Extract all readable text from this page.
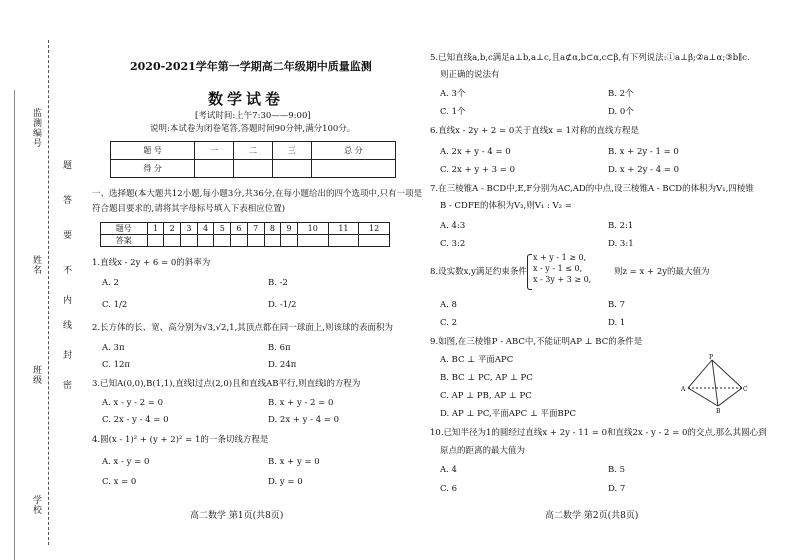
学校
班级
姓名
监测编号
题
答
要
不
内
线
封
密
2020-2021学年第一学期高二年级期中质量监测
数学试卷
[考试时间:上午7:30——9:00]
说明:本试卷为闭卷笔答,答题时间90分钟,满分100分。
题 号	一	二	三	总 分
得 分				
一、选择题(本大题共12小题,每小题3分,共36分,在每小题给出的四个选项中,只有一项是
符合题目要求的,请将其字母标号填入下表相应位置)
题号	1	2	3	4	5	6	7	8	9	10	11	12
答案												
1.直线x - 2y + 6 = 0的斜率为
A. 2	B. -2
C. 1/2	D. -1/2
2.长方体的长、宽、高分别为√3,√2,1,其顶点都在同一球面上,则该球的表面积为
A. 3π	B. 6π
C. 12π	D. 24π
3.已知A(0,0),B(1,1),直线l过点(2,0)且和直线AB平行,则直线l的方程为
A. x - y - 2 = 0	B. x + y - 2 = 0
C. 2x - y - 4 = 0	D. 2x + y - 4 = 0
4.圆(x - 1)² + (y + 2)² = 1的一条切线方程是
A. x - y = 0	B. x + y = 0
C. x = 0	D. y = 0
高二数学 第1页(共8页)
5.已知直线a,b,c满足a⊥b,a⊥c,且a⊄α,b⊂α,c⊂β,有下列说法:①a⊥β;②a⊥α;③b∥c.
则正确的说法有
A. 3个	B. 2个
C. 1个	D. 0个
6.直线x - 2y + 2 = 0关于直线x = 1对称的直线方程是
A. 2x + y - 4 = 0	B. x + 2y - 1 = 0
C. 2x + y + 3 = 0	D. x + 2y - 4 = 0
7.在三棱锥A - BCD中,E,F分别为AC,AD的中点,设三棱锥A - BCD的体积为V₁,四棱锥
B - CDFE的体积为V₂,则V₁ : V₂ =
A. 4:3	B. 2:1
C. 3:2	D. 3:1
8.设实数x,y满足约束条件
x + y - 1 ≥ 0,
x - y - 1 ≤ 0,
x - 3y + 3 ≥ 0,
则z = x + 2y的最大值为
A. 8	B. 7
C. 2	D. 1
9.如图,在三棱锥P - ABC中,不能证明AP ⊥ BC的条件是
A. BC ⊥ 平面APC
B. BC ⊥ PC, AP ⊥ PC
C. AP ⊥ PB, AP ⊥ PC
D. AP ⊥ PC,平面APC ⊥ 平面BPC
P
A
B
C
10.已知半径为1的圆经过直线x + 2y - 11 = 0和直线2x - y - 2 = 0的交点,那么其圆心到
原点的距离的最大值为
A. 4	B. 5
C. 6	D. 7
高二数学 第2页(共8页)
